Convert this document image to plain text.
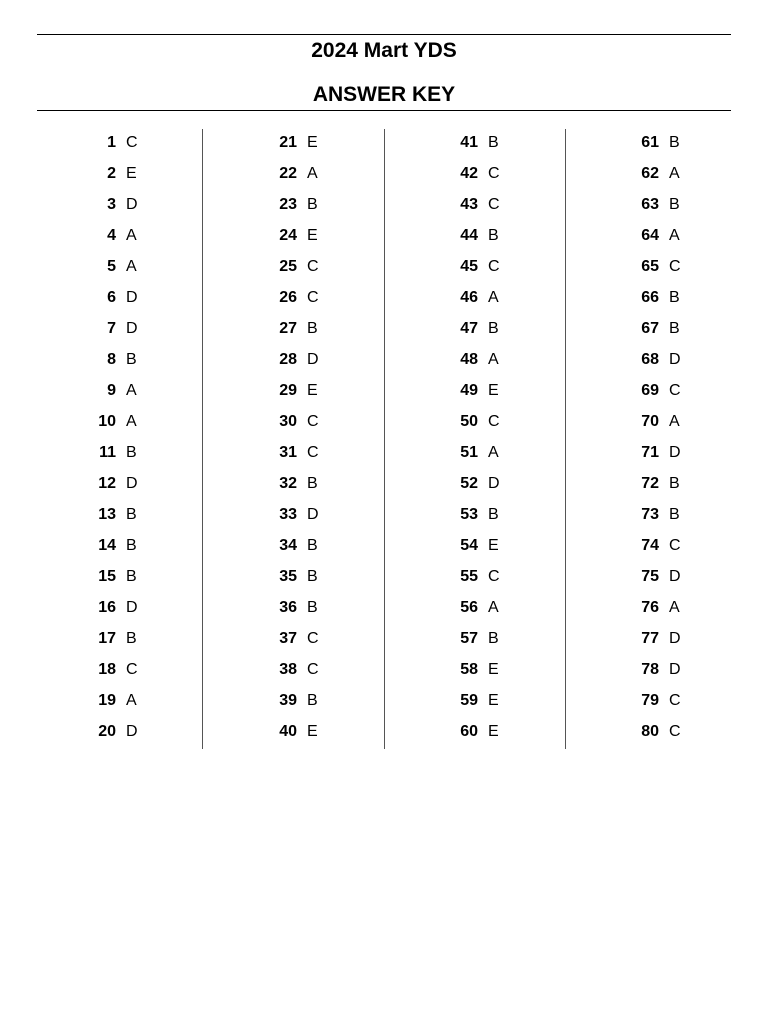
2024 Mart YDS
ANSWER KEY
1 C
2 E
3 D
4 A
5 A
6 D
7 D
8 B
9 A
10 A
11 B
12 D
13 B
14 B
15 B
16 D
17 B
18 C
19 A
20 D
21 E
22 A
23 B
24 E
25 C
26 C
27 B
28 D
29 E
30 C
31 C
32 B
33 D
34 B
35 B
36 B
37 C
38 C
39 B
40 E
41 B
42 C
43 C
44 B
45 C
46 A
47 B
48 A
49 E
50 C
51 A
52 D
53 B
54 E
55 C
56 A
57 B
58 E
59 E
60 E
61 B
62 A
63 B
64 A
65 C
66 B
67 B
68 D
69 C
70 A
71 D
72 B
73 B
74 C
75 D
76 A
77 D
78 D
79 C
80 C
